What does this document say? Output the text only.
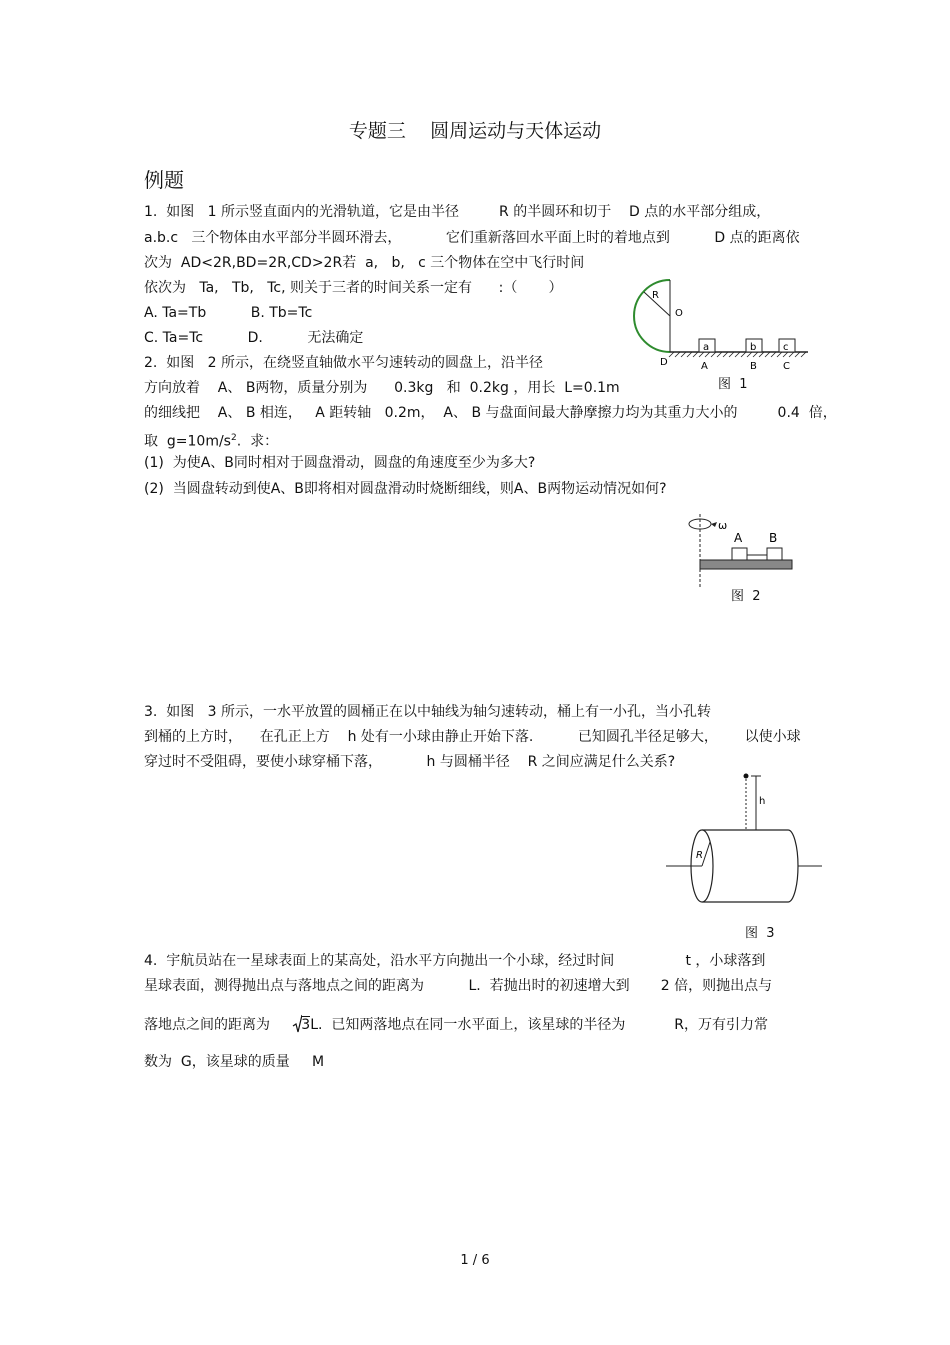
专题三    圆周运动与天体运动
例题
1.  如图   1 所示竖直面内的光滑轨道，它是由半径         R 的半圆环和切于    D 点的水平部分组成，
a.b.c   三个物体由水平部分半圆环滑去，          它们重新落回水平面上时的着地点到          D 点的距离依
次为  AD<2R,BD=2R,CD>2R若  a,   b,   c 三个物体在空中飞行时间
依次为   Ta,   Tb,   Tc, 则关于三者的时间关系一定有      :（       ）
A. Ta=Tb          B. Tb=Tc
C. Ta=Tc          D.          无法确定
R
O
a	b	c
D	A	B	C
图  1
2.  如图   2 所示，在绕竖直轴做水平匀速转动的圆盘上，沿半径
方向放着    A、 B两物，质量分别为      0.3kg   和  0.2kg ，用长  L=0.1m
的细线把    A、 B 相连，   A 距转轴   0.2m，  A、 B 与盘面间最大静摩擦力均为其重力大小的         0.4  倍，
取  $g=10m/s^2$.  求：
(1)  为使A、B同时相对于圆盘滑动，圆盘的角速度至少为多大?
(2)  当圆盘转动到使A、B即将相对圆盘滑动时烧断细线，则A、B两物运动情况如何?
ω
A B
图  2
3.  如图   3 所示，一水平放置的圆桶正在以中轴线为轴匀速转动，桶上有一小孔，当小孔转
到桶的上方时，    在孔正上方    h 处有一小球由静止开始下落.          已知圆孔半径足够大，      以使小球
穿过时不受阻碍，要使小球穿桶下落，          h 与圆桶半径    R 之间应满足什么关系?
h
R
图  3
4.  宇航员站在一星球表面上的某高处，沿水平方向抛出一个小球，经过时间                t ，小球落到
星球表面，测得抛出点与落地点之间的距离为          L.  若抛出时的初速增大到       2 倍，则抛出点与
落地点之间的距离为
3L.  已知两落地点在同一水平面上，该星球的半径为           R，万有引力常
数为  G，该星球的质量     M
1 / 6
